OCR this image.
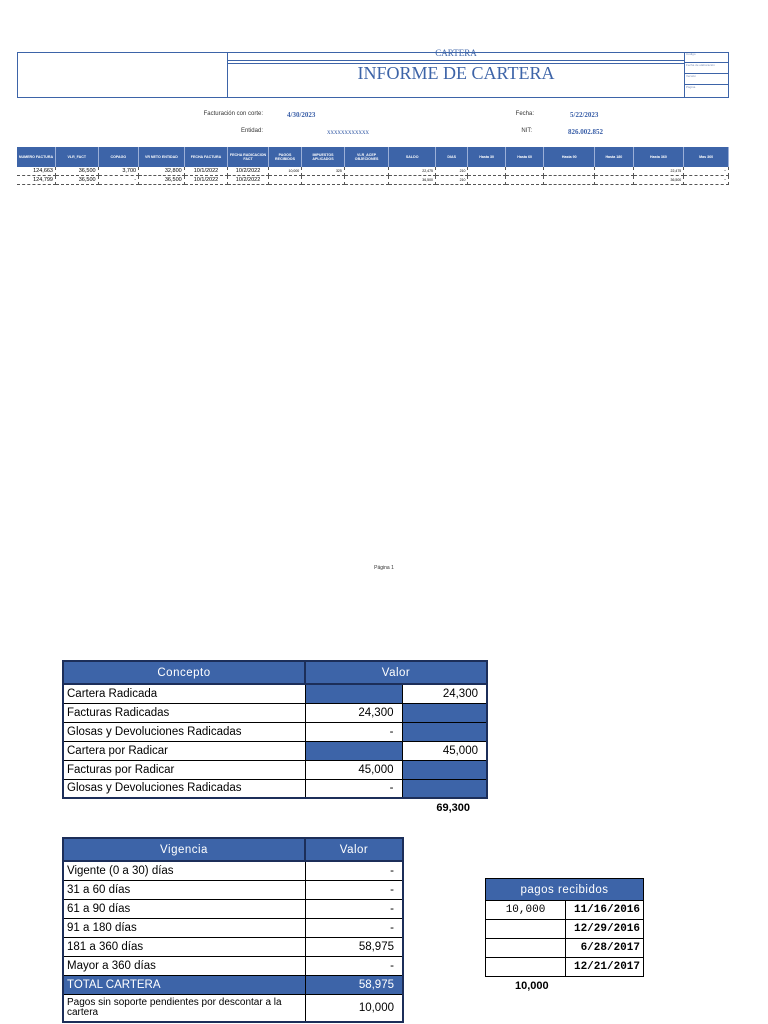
CARTERA
INFORME DE CARTERA
Código
Fecha de elaboración
Versión
Página
Facturación con corte:	4/30/2023
Entidad:	xxxxxxxxxxxx
Fecha:	5/22/2023
NIT:	826.002.852
NUMERO FACTURA	VLR_FACT	COPAGO	VR NETO ENTIDAD	FECHA FACTURA	FECHA RADICACION FACT	PAGOS RECIBIDOS	IMPUESTOS APLICADOS	VLR_ACEP OBJECIONES	SALDO	DIAS	Hasta 30	Hasta 60	Hasta 90	Hasta 180	Hasta 360	Mas 360
124,663	36,500	3,700	32,800	10/1/2022	10/2/2022	10,000	325		22,475	210					22,475	-
124,799	36,500	-	36,500	10/1/2022	10/2/2022				36,500	210					36,500	-
Página 1
Concepto	Valor	
Cartera Radicada		24,300
Facturas Radicadas	24,300	
Glosas y Devoluciones Radicadas	-	
Cartera por Radicar		45,000
Facturas por Radicar	45,000	
Glosas y Devoluciones Radicadas	-	
69,300
Vigencia	Valor
Vigente (0 a 30) días	-
31 a 60 días	-
61 a 90 días	-
91 a 180 días	-
181 a 360 días	58,975
Mayor a 360 días	-
TOTAL CARTERA	58,975
Pagos sin soporte pendientes por descontar a la cartera	10,000
pagos recibidos	
10,000	11/16/2016
	12/29/2016
	6/28/2017
	12/21/2017
10,000
